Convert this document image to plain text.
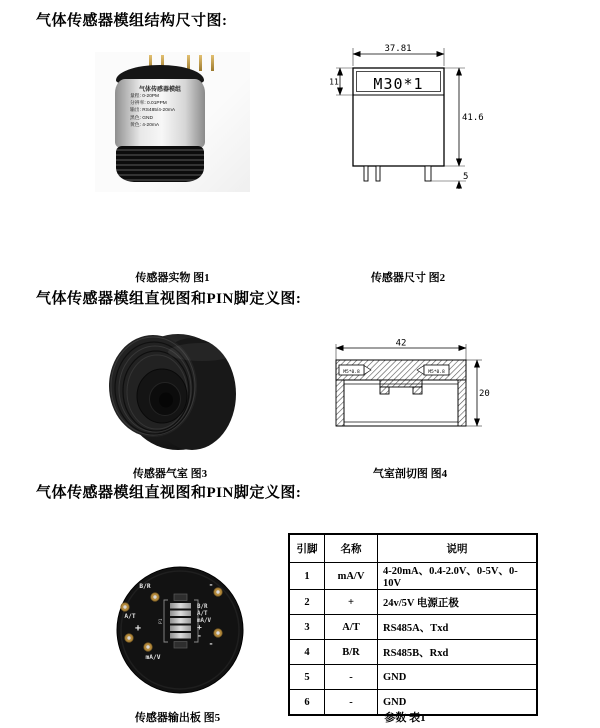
气体传感器模组结构尺寸图:
气体传感器模组
量程: 0-20PM
分辨率: 0.01PPM
输出: RS485/4-20mA
黑色: GND
黄色: 4-20mA
37.81
M30*1
11
41.6
5
传感器实物 图1	传感器尺寸 图2
气体传感器模组直视图和PIN脚定义图:
42
20
M5*0.8	M5*0.8
传感器气室 图3	气室剖切图 图4
气体传感器模组直视图和PIN脚定义图:
B/R
A/T
+
mA/V
-
-
B/R
A/T
mA/V
+
-
P1
引脚	名称	说明
1	mA/V	4-20mA、0.4-2.0V、0-5V、0-10V
2	+	24v/5V 电源正极
3	A/T	RS485A、Txd
4	B/R	RS485B、Rxd
5	-	GND
6	-	GND
传感器输出板 图5	参数 表1
